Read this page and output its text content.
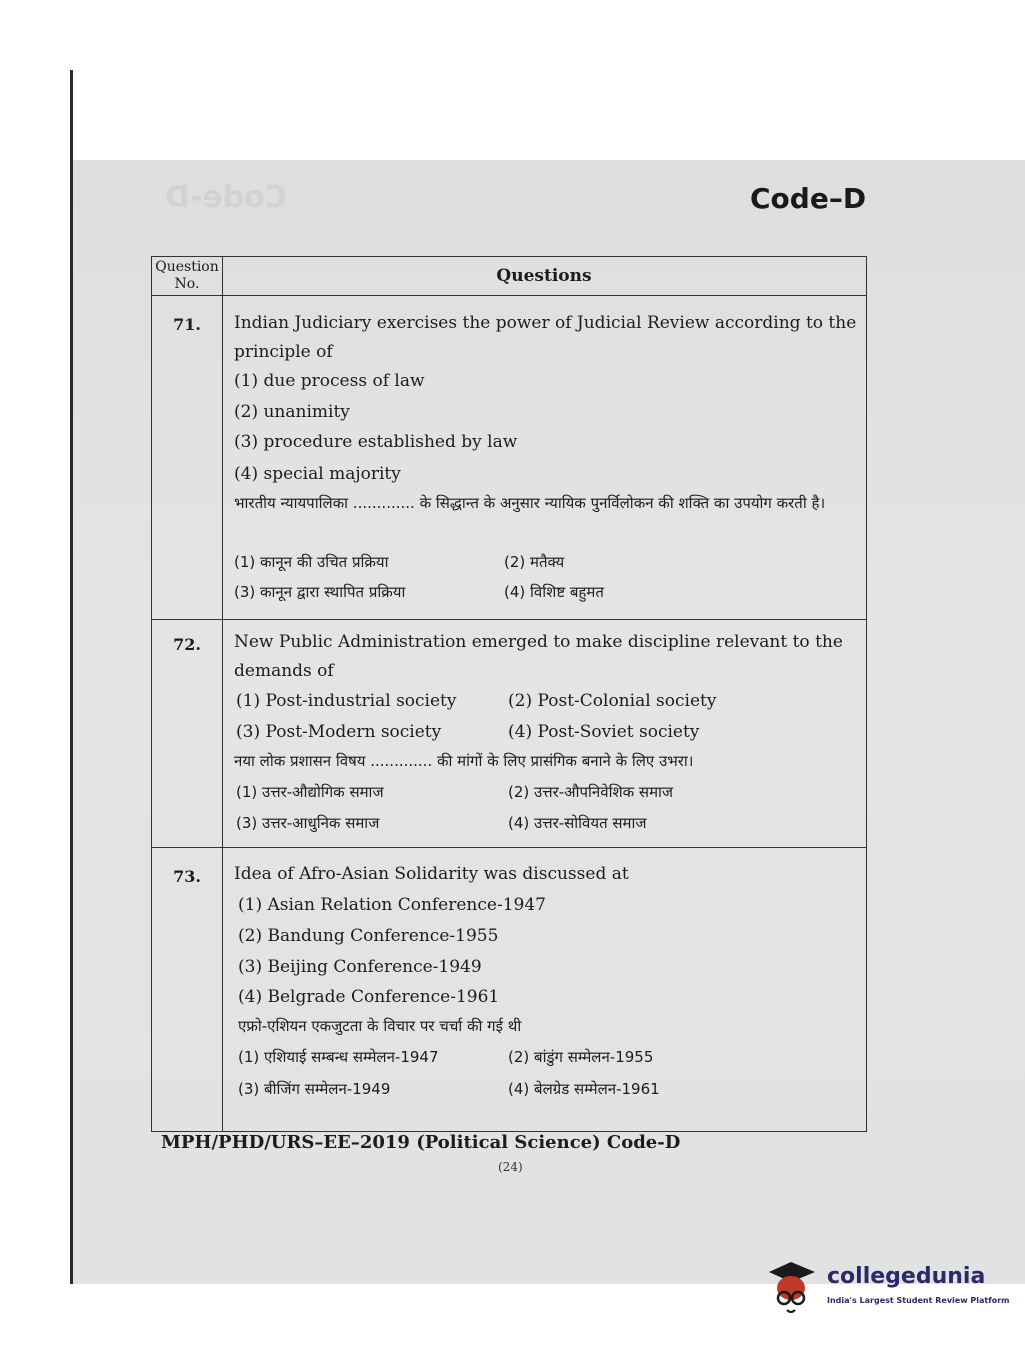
Code-D	Code–D
Question
No.	Questions
71.	Indian Judiciary exercises the power of Judicial Review according to the principle of
(1) due process of law
(2) unanimity
(3) procedure established by law
(4) special majority
भारतीय न्यायपालिका ............. के सिद्धान्त के अनुसार न्यायिक पुनर्विलोकन की शक्ति का उपयोग करती है।
(1) कानून की उचित प्रक्रिया	(2) मतैक्य
(3) कानून द्वारा स्थापित प्रक्रिया	(4) विशिष्ट बहुमत
72.	New Public Administration emerged to make discipline relevant to the demands of
(1) Post-industrial society	(2) Post-Colonial society
(3) Post-Modern society	(4) Post-Soviet society
नया लोक प्रशासन विषय ............. की मांगों के लिए प्रासंगिक बनाने के लिए उभरा।
(1) उत्तर-औद्योगिक समाज	(2) उत्तर-औपनिवेशिक समाज
(3) उत्तर-आधुनिक समाज	(4) उत्तर-सोवियत समाज
73.	Idea of Afro-Asian Solidarity was discussed at
(1) Asian Relation Conference-1947
(2) Bandung Conference-1955
(3) Beijing Conference-1949
(4) Belgrade Conference-1961
एफ्रो-एशियन एकजुटता के विचार पर चर्चा की गई थी
(1) एशियाई सम्बन्ध सम्मेलन-1947	(2) बांडुंग सम्मेलन-1955
(3) बीजिंग सम्मेलन-1949	(4) बेलग्रेड सम्मेलन-1961
MPH/PHD/URS–EE–2019 (Political Science) Code-D
(24)
collegedunia
India's Largest Student Review Platform
